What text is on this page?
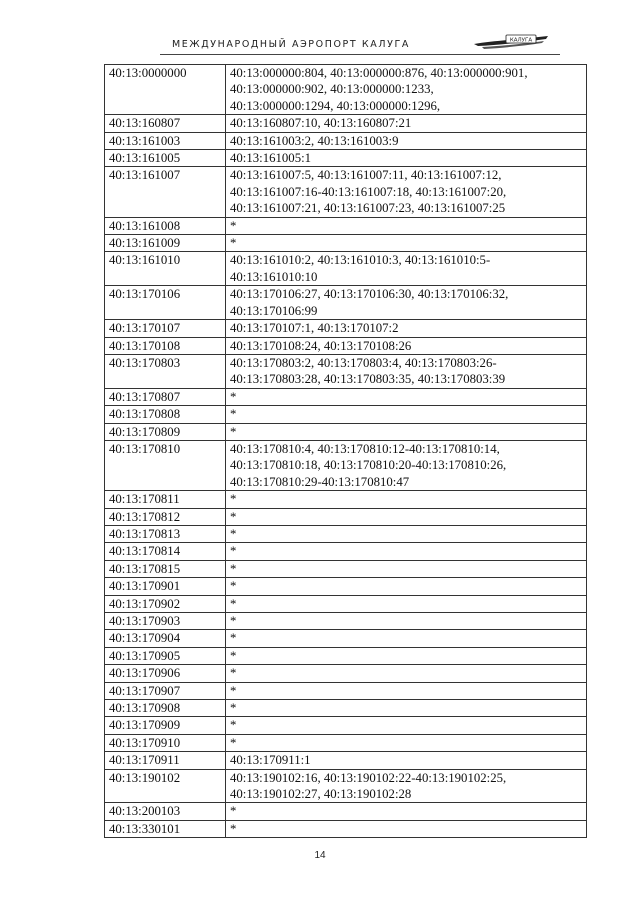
МЕЖДУНАРОДНЫЙ АЭРОПОРТ КАЛУГА	КАЛУГА
40:13:0000000	40:13:000000:804, 40:13:000000:876, 40:13:000000:901,
40:13:000000:902, 40:13:000000:1233,
40:13:000000:1294, 40:13:000000:1296,

40:13:160807	40:13:160807:10, 40:13:160807:21

40:13:161003	40:13:161003:2, 40:13:161003:9

40:13:161005	40:13:161005:1

40:13:161007	40:13:161007:5, 40:13:161007:11, 40:13:161007:12,
40:13:161007:16-40:13:161007:18, 40:13:161007:20,
40:13:161007:21, 40:13:161007:23, 40:13:161007:25

40:13:161008	*

40:13:161009	*

40:13:161010	40:13:161010:2, 40:13:161010:3, 40:13:161010:5-
40:13:161010:10

40:13:170106	40:13:170106:27, 40:13:170106:30, 40:13:170106:32,
40:13:170106:99

40:13:170107	40:13:170107:1, 40:13:170107:2

40:13:170108	40:13:170108:24, 40:13:170108:26

40:13:170803	40:13:170803:2, 40:13:170803:4, 40:13:170803:26-
40:13:170803:28, 40:13:170803:35, 40:13:170803:39

40:13:170807	*

40:13:170808	*

40:13:170809	*

40:13:170810	40:13:170810:4, 40:13:170810:12-40:13:170810:14,
40:13:170810:18, 40:13:170810:20-40:13:170810:26,
40:13:170810:29-40:13:170810:47

40:13:170811	*

40:13:170812	*

40:13:170813	*

40:13:170814	*

40:13:170815	*

40:13:170901	*

40:13:170902	*

40:13:170903	*

40:13:170904	*

40:13:170905	*

40:13:170906	*

40:13:170907	*

40:13:170908	*

40:13:170909	*

40:13:170910	*

40:13:170911	40:13:170911:1

40:13:190102	40:13:190102:16, 40:13:190102:22-40:13:190102:25,
40:13:190102:27, 40:13:190102:28

40:13:200103	*

40:13:330101	*
14
